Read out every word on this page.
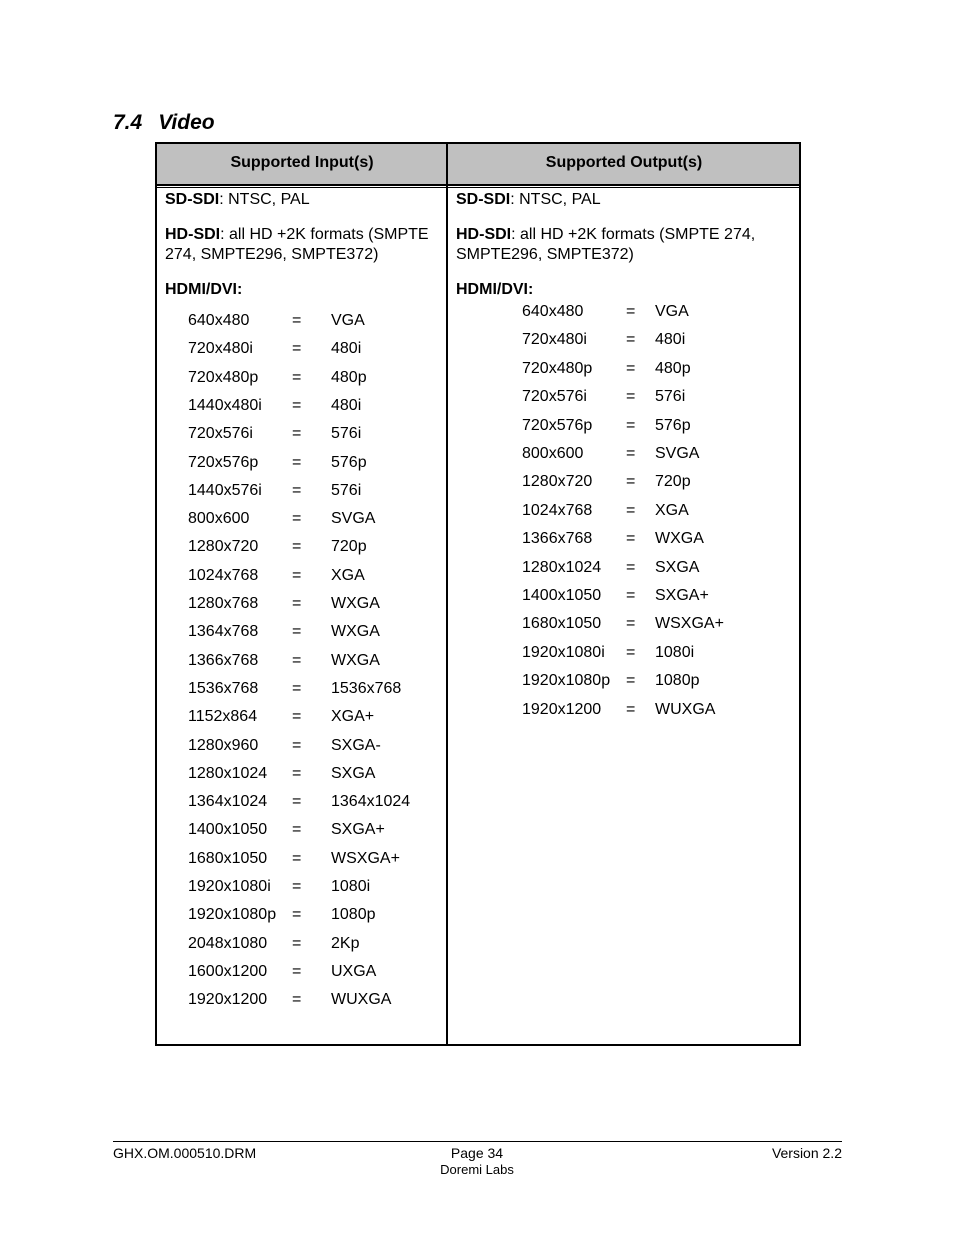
7.4 Video
Supported Input(s)	Supported Output(s)

SD-SDI: NTSC, PAL

HD-SDI: all HD +2K formats (SMPTE 274, SMPTE296, SMPTE372)

HDMI/DVI:

640x480	= VGA
720x480i = 480i
720x480p = 480p
1440x480i = 480i
720x576i = 576i
720x576p = 576p
1440x576i = 576i
800x600	= SVGA
1280x720 = 720p
1024x768 = XGA
1280x768 = WXGA
1364x768 = WXGA
1366x768 = WXGA
1536x768 = 1536x768
1152x864 = XGA+
1280x960 = SXGA-
1280x1024 = SXGA
1364x1024 = 1364x1024
1400x1050 = SXGA+
1680x1050 = WSXGA+
1920x1080i = 1080i
1920x1080p = 1080p
2048x1080 = 2Kp
1600x1200 = UXGA
1920x1200 = WUXGA

SD-SDI: NTSC, PAL

HD-SDI: all HD +2K formats (SMPTE 274, SMPTE296, SMPTE372)

HDMI/DVI:

640x480	= VGA
720x480i = 480i
720x480p = 480p
720x576i = 576i
720x576p = 576p
800x600	= SVGA
1280x720 = 720p
1024x768 = XGA
1366x768 = WXGA
1280x1024 = SXGA
1400x1050 = SXGA+
1680x1050 = WSXGA+
1920x1080i = 1080i
1920x1080p = 1080p
1920x1200 = WUXGA
GHX.OM.000510.DRM	Page 34
Doremi Labs
Version 2.2
